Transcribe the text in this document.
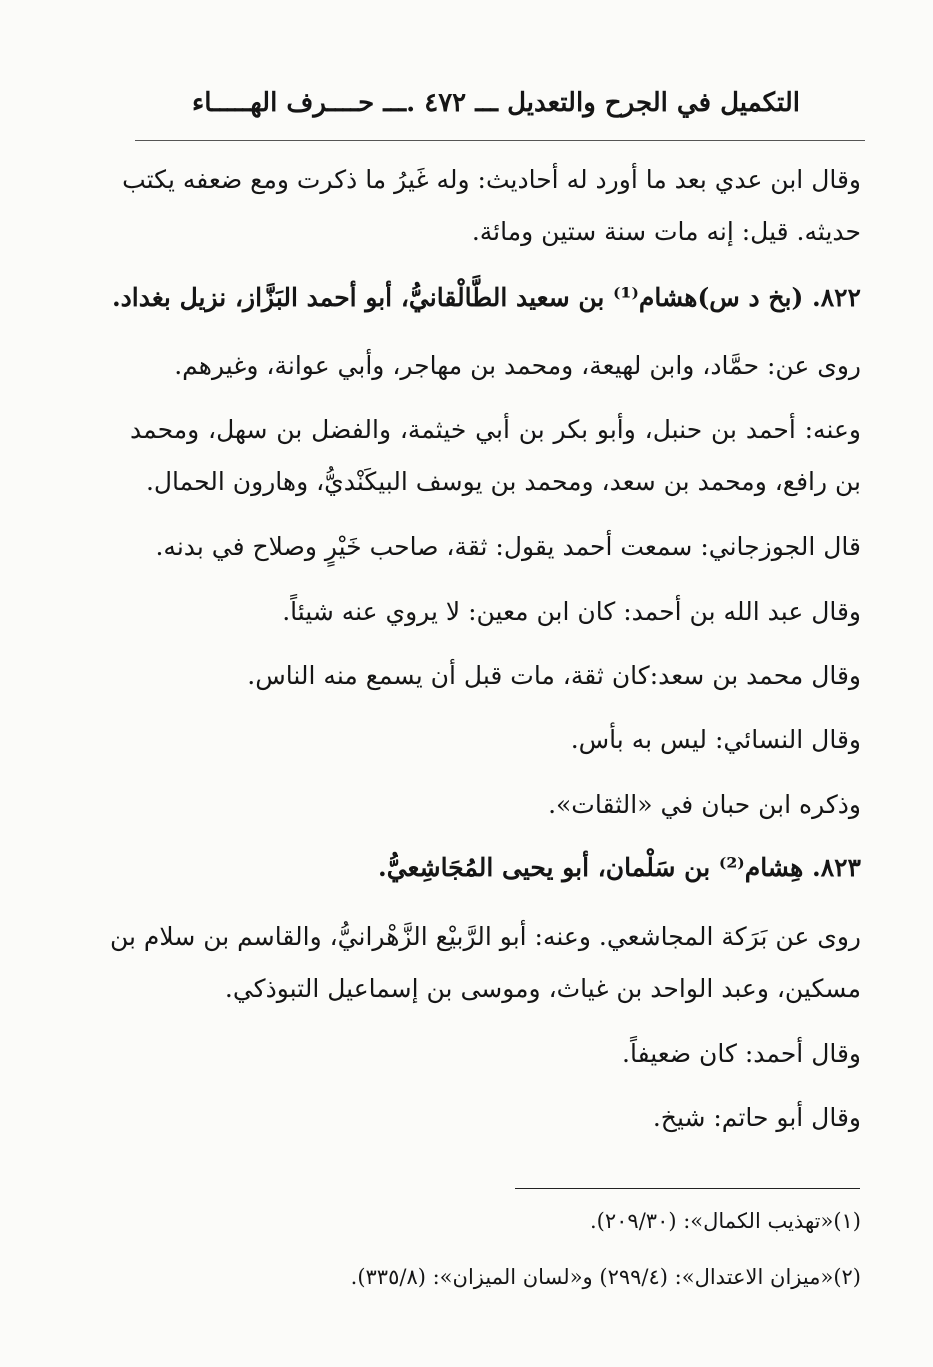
التكميل في الجرح والتعديل ـــ ٤٧٢ .ـــ حــــرف الهـــــاء
وقال ابن عدي بعد ما أورد له أحاديث: وله غَيرُ ما ذكرت ومع ضعفه يكتب
حديثه. قيل: إنه مات سنة ستين ومائة.
٨٢٢. (بخ د س)هشام⁽¹⁾ بن سعيد الطَّالْقانيُّ، أبو أحمد البَزَّاز، نزيل بغداد.
روى عن: حمَّاد، وابن لهيعة، ومحمد بن مهاجر، وأبي عوانة، وغيرهم.
وعنه: أحمد بن حنبل، وأبو بكر بن أبي خيثمة، والفضل بن سهل، ومحمد
بن رافع، ومحمد بن سعد، ومحمد بن يوسف البيكَنْديُّ، وهارون الحمال.
قال الجوزجاني: سمعت أحمد يقول: ثقة، صاحب خَيْرٍ وصلاح في بدنه.
وقال عبد الله بن أحمد: كان ابن معين: لا يروي عنه شيئاً.
وقال محمد بن سعد:كان ثقة، مات قبل أن يسمع منه الناس.
وقال النسائي: ليس به بأس.
وذكره ابن حبان في «الثقات».
٨٢٣. هِشام⁽²⁾ بن سَلْمان، أبو يحيى المُجَاشِعيُّ.
روى عن بَرَكة المجاشعي. وعنه: أبو الرَّبيْع الزَّهْرانيُّ، والقاسم بن سلام بن
مسكين، وعبد الواحد بن غياث، وموسى بن إسماعيل التبوذكي.
وقال أحمد: كان ضعيفاً.
وقال أبو حاتم: شيخ.
(١)«تهذيب الكمال»: (٢٠٩/٣٠).
(٢)«ميزان الاعتدال»: (٢٩٩/٤) و«لسان الميزان»: (٣٣٥/٨).
